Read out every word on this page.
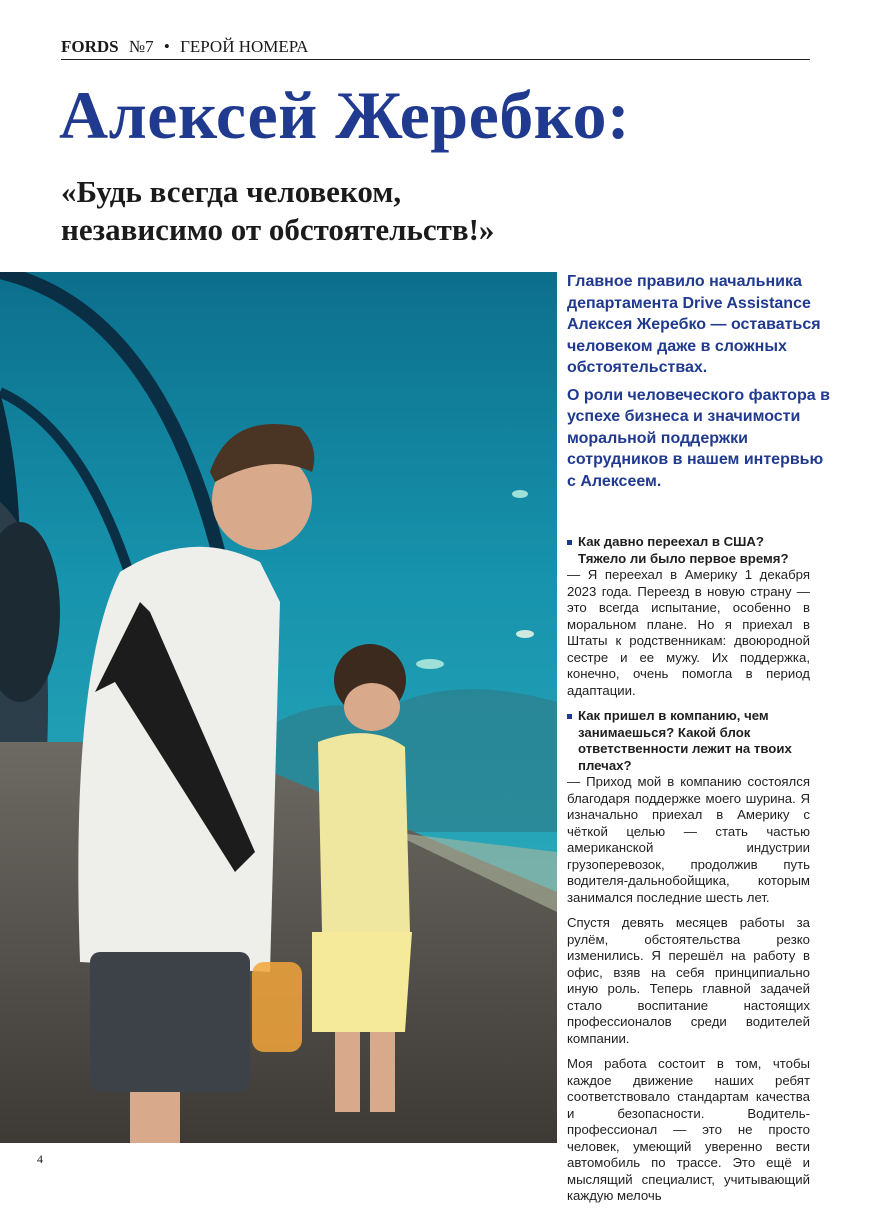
FORDS №7 • ГЕРОЙ НОМЕРА
Алексей Жеребко:
«Будь всегда человеком,
независимо от обстоятельств!»

Главное правило начальника департамента Drive Assistance Алексея Жеребко — оставаться человеком даже в сложных обстоятельствах.

О роли человеческого фактора в успехе бизнеса и значимости моральной поддержки сотрудников в нашем интервью с Алексеем.

Как давно переехал в США? Тяжело ли было первое время?

— Я переехал в Америку 1 декабря 2023 года. Переезд в новую страну — это всегда испытание, особенно в моральном плане. Но я приехал в Штаты к родственникам: двоюродной сестре и ее мужу. Их поддержка, конечно, очень помогла в период адаптации.

Как пришел в компанию, чем занимаешься? Какой блок ответственности лежит на твоих плечах?

— Приход мой в компанию состоялся благодаря поддержке моего шурина. Я изначально приехал в Америку с чёткой целью — стать частью американской индустрии грузоперевозок, продолжив путь водителя-дальнобойщика, которым занимался последние шесть лет.

Спустя девять месяцев работы за рулём, обстоятельства резко изменились. Я перешёл на работу в офис, взяв на себя принципиально иную роль. Теперь главной задачей стало воспитание настоящих профессионалов среди водителей компании.

Моя работа состоит в том, чтобы каждое движение наших ребят соответствовало стандартам качества и безопасности. Водитель-профессионал — это не просто человек, умеющий уверенно вести автомобиль по трассе. Это ещё и мыслящий специалист, учитывающий каждую мелочь

4
